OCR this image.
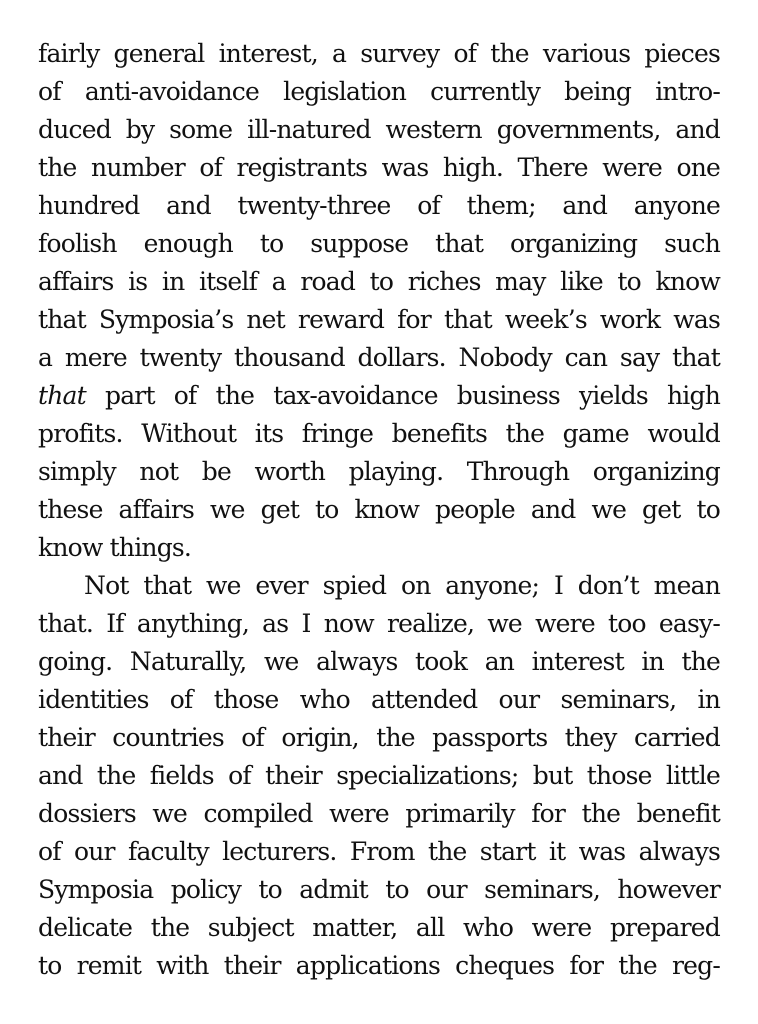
fairly general interest, a survey of the various pieces
of anti-avoidance legislation currently being intro-
duced by some ill-natured western governments, and
the number of registrants was high. There were one
hundred and twenty-three of them; and anyone
foolish enough to suppose that organizing such
affairs is in itself a road to riches may like to know
that Symposia’s net reward for that week’s work was
a mere twenty thousand dollars. Nobody can say that
that part of the tax-avoidance business yields high
profits. Without its fringe benefits the game would
simply not be worth playing. Through organizing
these affairs we get to know people and we get to
know things.
Not that we ever spied on anyone; I don’t mean
that. If anything, as I now realize, we were too easy-
going. Naturally, we always took an interest in the
identities of those who attended our seminars, in
their countries of origin, the passports they carried
and the fields of their specializations; but those little
dossiers we compiled were primarily for the benefit
of our faculty lecturers. From the start it was always
Symposia policy to admit to our seminars, however
delicate the subject matter, all who were prepared
to remit with their applications cheques for the reg-
